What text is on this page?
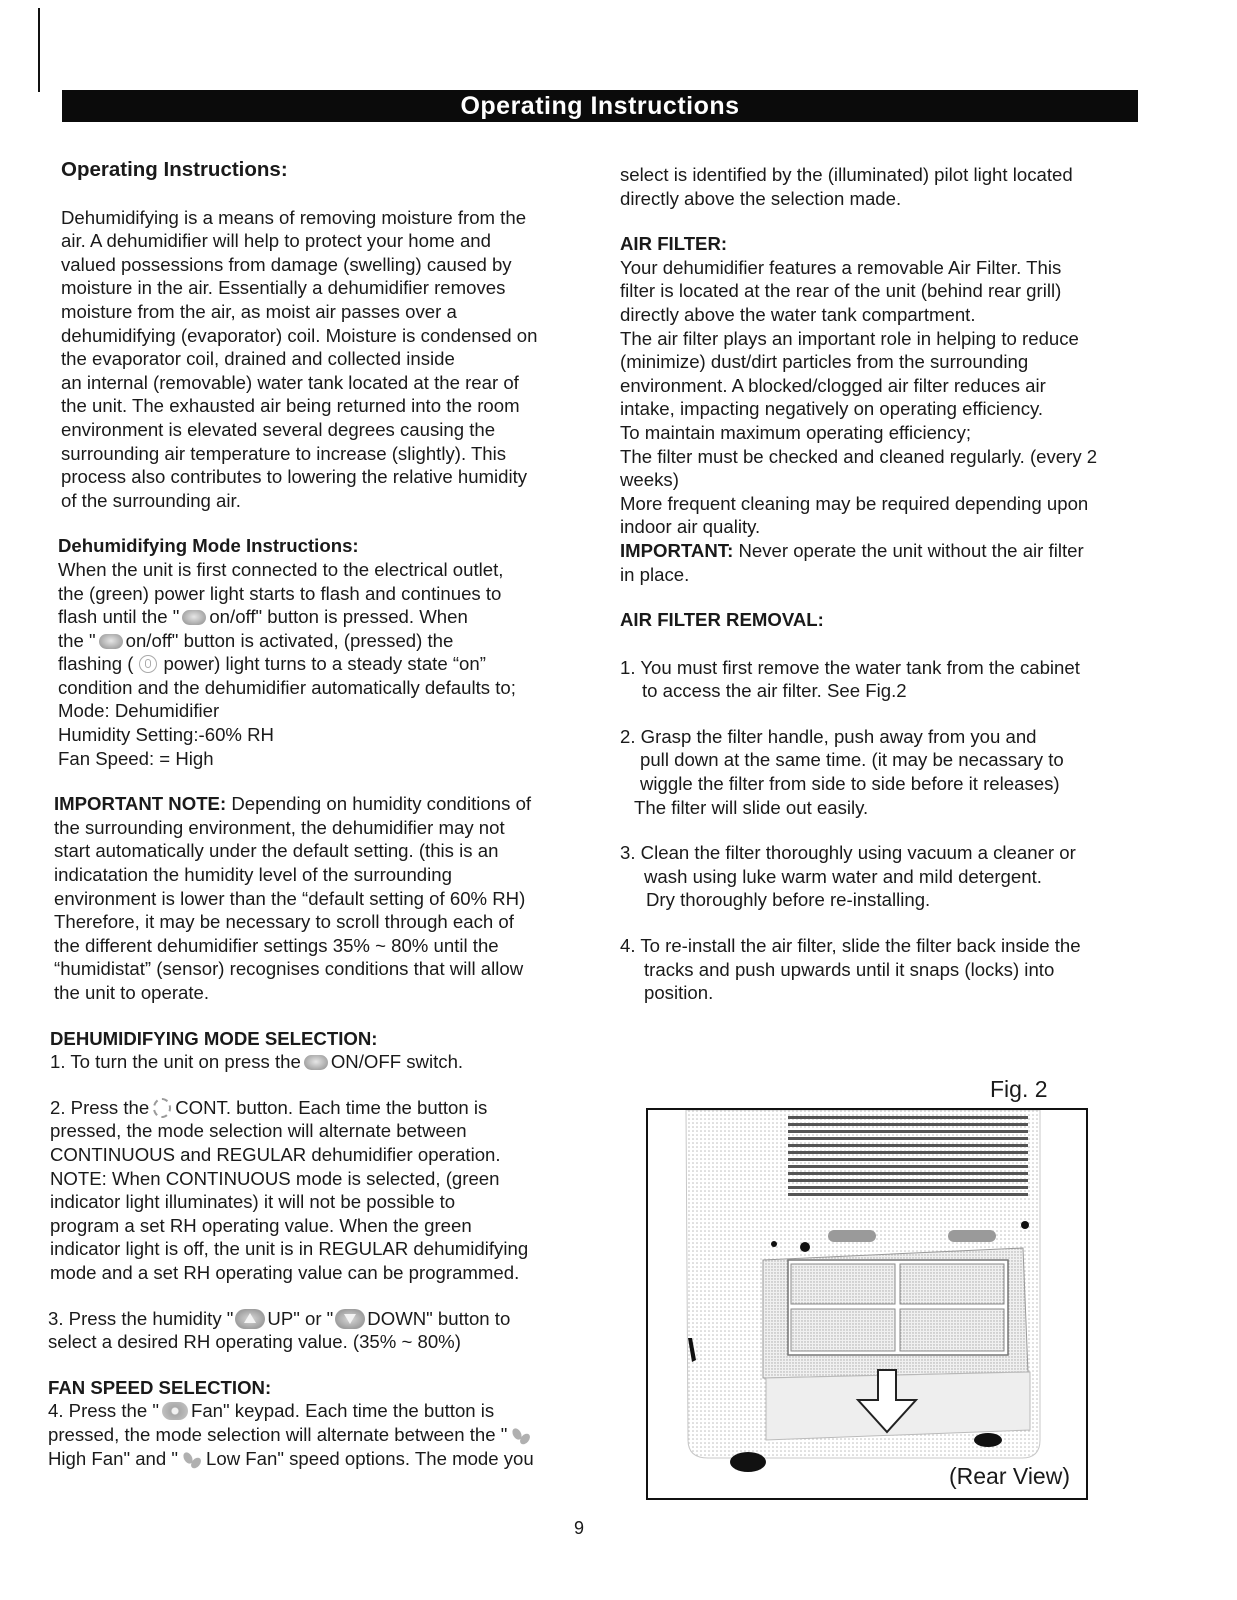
Operating Instructions
Operating Instructions:

Dehumidifying is a means of removing moisture from the

air. A dehumidifier will help to protect your home and

valued possessions from damage (swelling) caused by

moisture in the air. Essentially a dehumidifier removes

moisture from the air, as moist air passes over a

dehumidifying (evaporator) coil. Moisture is condensed on

the evaporator coil, drained and collected inside

an internal (removable) water tank located at the rear of

the unit. The exhausted air being returned into the room

environment is elevated several degrees causing the

surrounding air temperature to increase (slightly). This

process also contributes to lowering the relative humidity

of the surrounding air.

Dehumidifying Mode Instructions:

When the unit is first connected to the electrical outlet,

the (green) power light starts to flash and continues to

flash until the " on/off" button is pressed. When

the " on/off" button is activated, (pressed) the

flashing ( power) light turns to a steady state “on”

condition and the dehumidifier automatically defaults to;

Mode: Dehumidifier

Humidity Setting:-60% RH

Fan Speed: = High

IMPORTANT NOTE: Depending on humidity conditions of

the surrounding environment, the dehumidifier may not

start automatically under the default setting. (this is an

indicatation the humidity level of the surrounding

environment is lower than the “default setting of 60% RH)

Therefore, it may be necessary to scroll through each of

the different dehumidifier settings 35% ~ 80% until the

“humidistat” (sensor) recognises conditions that will allow

the unit to operate.

DEHUMIDIFYING MODE SELECTION:

1. To turn the unit on press the ON/OFF switch.

2. Press the CONT. button. Each time the button is

pressed, the mode selection will alternate between

CONTINUOUS and REGULAR dehumidifier operation.

NOTE: When CONTINUOUS mode is selected, (green

indicator light illuminates) it will not be possible to

program a set RH operating value. When the green

indicator light is off, the unit is in REGULAR dehumidifying

mode and a set RH operating value can be programmed.

3. Press the humidity " UP" or " DOWN" button to

select a desired RH operating value. (35% ~ 80%)

FAN SPEED SELECTION:

4. Press the " Fan" keypad. Each time the button is

pressed, the mode selection will alternate between the "

High Fan" and " Low Fan" speed options. The mode you

select is identified by the (illuminated) pilot light located

directly above the selection made.

AIR FILTER:

Your dehumidifier features a removable Air Filter. This

filter is located at the rear of the unit (behind rear grill)

directly above the water tank compartment.

The air filter plays an important role in helping to reduce

(minimize) dust/dirt particles from the surrounding

environment. A blocked/clogged air filter reduces air

intake, impacting negatively on operating efficiency.

To maintain maximum operating efficiency;

The filter must be checked and cleaned regularly. (every 2

weeks)

More frequent cleaning may be required depending upon

indoor air quality.

IMPORTANT: Never operate the unit without the air filter

in place.

AIR FILTER REMOVAL:

1. You must first remove the water tank from the cabinet

to access the air filter. See Fig.2

2. Grasp the filter handle, push away from you and

pull down at the same time. (it may be necassary to

wiggle the filter from side to side before it releases)

The filter will slide out easily.

3. Clean the filter thoroughly using vacuum a cleaner or

wash using luke warm water and mild detergent.

Dry thoroughly before re-installing.

4. To re-install the air filter, slide the filter back inside the

tracks and push upwards until it snaps (locks) into

position.

Fig. 2
(Rear View)
9
